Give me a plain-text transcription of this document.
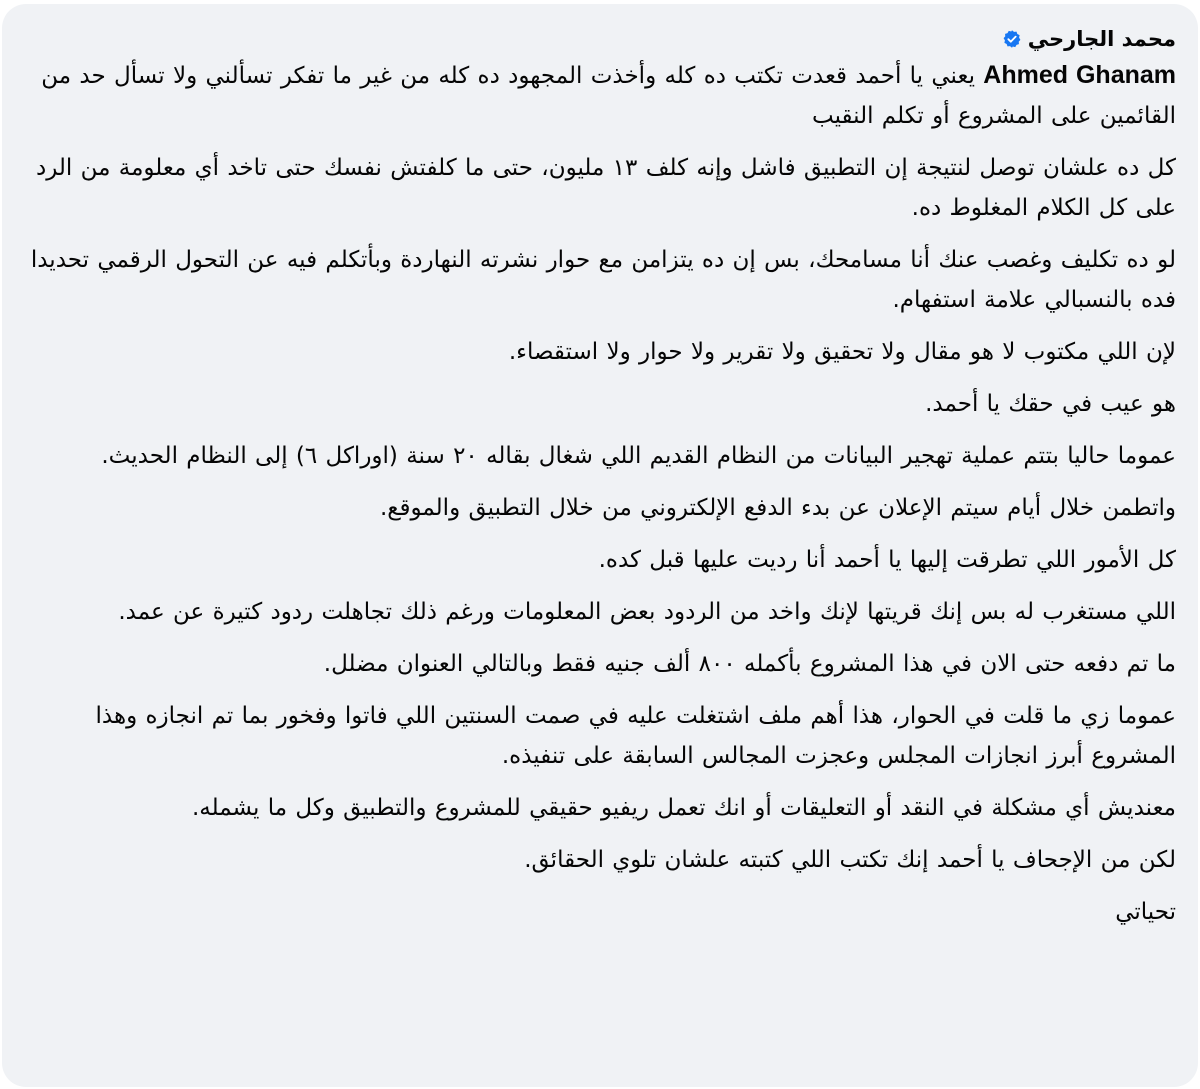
محمد الجارحي

Ahmed Ghanam يعني يا أحمد قعدت تكتب ده كله وأخذت المجهود ده كله من غير ما تفكر تسألني ولا تسأل حد من القائمين على المشروع أو تكلم النقيب

كل ده علشان توصل لنتيجة إن التطبيق فاشل وإنه كلف ١٣ مليون، حتى ما كلفتش نفسك حتى تاخد أي معلومة من الرد على كل الكلام المغلوط ده.

لو ده تكليف وغصب عنك أنا مسامحك، بس إن ده يتزامن مع حوار نشرته النهاردة وبأتكلم فيه عن التحول الرقمي تحديدا فده بالنسبالي علامة استفهام.

لإن اللي مكتوب لا هو مقال ولا تحقيق ولا تقرير ولا حوار ولا استقصاء.

هو عيب في حقك يا أحمد.

عموما حاليا بتتم عملية تهجير البيانات من النظام القديم اللي شغال بقاله ٢٠ سنة (اوراكل ٦) إلى النظام الحديث.

واتطمن خلال أيام سيتم الإعلان عن بدء الدفع الإلكتروني من خلال التطبيق والموقع.

كل الأمور اللي تطرقت إليها يا أحمد أنا رديت عليها قبل كده.

اللي مستغرب له بس إنك قريتها لإنك واخد من الردود بعض المعلومات ورغم ذلك تجاهلت ردود كتيرة عن عمد.

ما تم دفعه حتى الان في هذا المشروع بأكمله ٨٠٠ ألف جنيه فقط وبالتالي العنوان مضلل.

عموما زي ما قلت في الحوار، هذا أهم ملف اشتغلت عليه في صمت السنتين اللي فاتوا وفخور بما تم انجازه وهذا المشروع أبرز انجازات المجلس وعجزت المجالس السابقة على تنفيذه.

معنديش أي مشكلة في النقد أو التعليقات أو انك تعمل ريفيو حقيقي للمشروع والتطبيق وكل ما يشمله.

لكن من الإجحاف يا أحمد إنك تكتب اللي كتبته علشان تلوي الحقائق.

تحياتي
